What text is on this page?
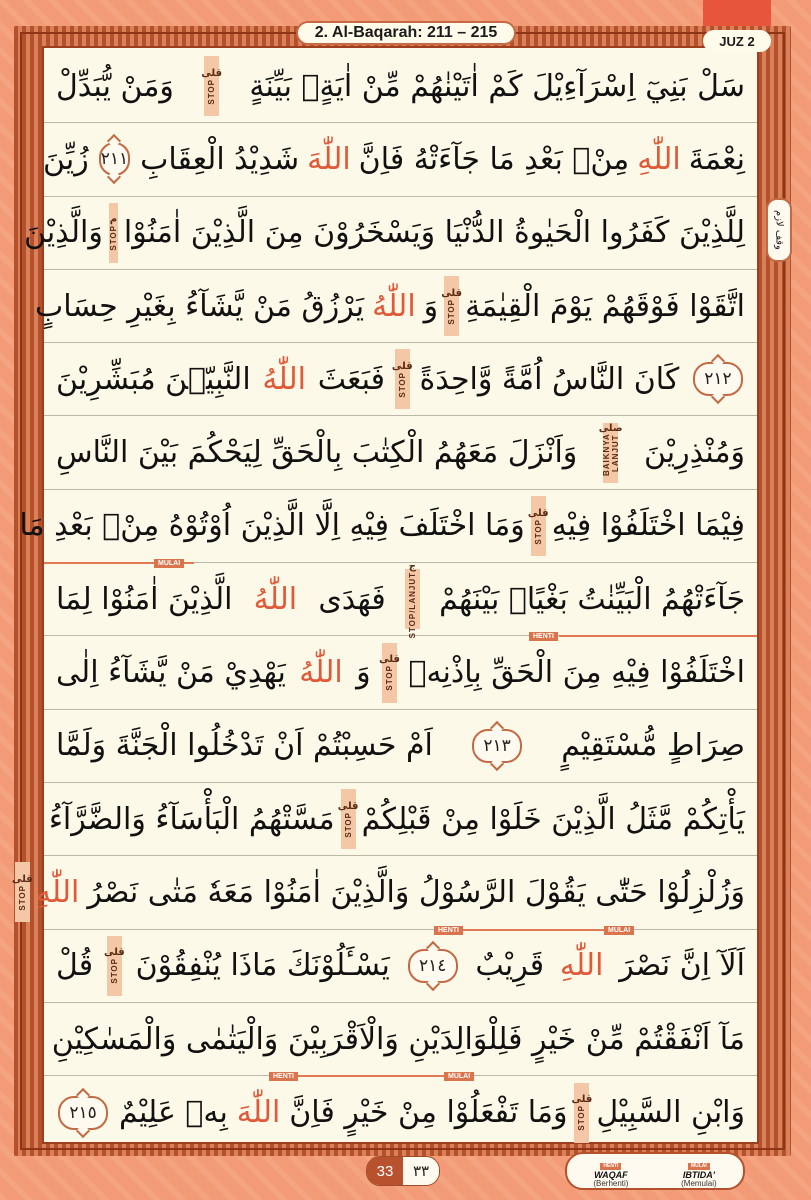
2. Al-Baqarah: 211 – 215	JUZ 2
وقف لازم
سَلْ بَنِيٓ اِسْرَآءِيْلَ كَمْ اٰتَيْنٰهُمْ مِّنْ اٰيَةٍۢ بَيِّنَةٍ
قلى
STOP
وَمَنْ يُّبَدِّلْ
نِعْمَةَ
اللّٰهِ
مِنْۢ بَعْدِ مَا جَآءَتْهُ فَاِنَّ
اللّٰهَ
شَدِيْدُ الْعِقَابِ
٢١١
زُيِّنَ
لِلَّذِيْنَ كَفَرُوا الْحَيٰوةُ الدُّنْيَا وَيَسْخَرُوْنَ مِنَ الَّذِيْنَ اٰمَنُوْا
م
STOP
وَالَّذِيْنَ
اتَّقَوْا فَوْقَهُمْ يَوْمَ الْقِيٰمَةِ
قلى
STOP
وَ
اللّٰهُ
يَرْزُقُ مَنْ يَّشَآءُ بِغَيْرِ حِسَابٍ
٢١٢
كَانَ النَّاسُ اُمَّةً وَّاحِدَةً
قلى
STOP
فَبَعَثَ
اللّٰهُ
النَّبِيّٖنَ مُبَشِّرِيْنَ
وَمُنْذِرِيْنَ
صلى
BAIKNYA LANJUT
وَاَنْزَلَ مَعَهُمُ الْكِتٰبَ بِالْحَقِّ لِيَحْكُمَ بَيْنَ النَّاسِ
فِيْمَا اخْتَلَفُوْا فِيْهِ
قلى
STOP
وَمَا اخْتَلَفَ فِيْهِ اِلَّا الَّذِيْنَ اُوْتُوْهُ مِنْۢ بَعْدِ مَا
MULAI
جَآءَتْهُمُ الْبَيِّنٰتُ بَغْيًاۢ بَيْنَهُمْ
ج
STOP/LANJUT
فَهَدَى
اللّٰهُ
الَّذِيْنَ اٰمَنُوْا لِمَا
HENTI
اخْتَلَفُوْا فِيْهِ مِنَ الْحَقِّ بِاِذْنِهٖ
قلى
STOP
وَ
اللّٰهُ
يَهْدِيْ مَنْ يَّشَآءُ اِلٰى
صِرَاطٍ مُّسْتَقِيْمٍ
٢١٣
اَمْ حَسِبْتُمْ اَنْ تَدْخُلُوا الْجَنَّةَ وَلَمَّا
يَأْتِكُمْ مَّثَلُ الَّذِيْنَ خَلَوْا مِنْ قَبْلِكُمْ
قلى
STOP
مَسَّتْهُمُ الْبَأْسَآءُ وَالضَّرَّآءُ
وَزُلْزِلُوْا حَتّٰى يَقُوْلَ الرَّسُوْلُ وَالَّذِيْنَ اٰمَنُوْا مَعَهٗ مَتٰى نَصْرُ
اللّٰهِ
قلى
STOP
HENTI	MULAI
اَلَآ اِنَّ نَصْرَ
اللّٰهِ
قَرِيْبٌ
٢١٤
يَسْـَٔلُوْنَكَ مَاذَا يُنْفِقُوْنَ
قلى
STOP
قُلْ
مَآ اَنْفَقْتُمْ مِّنْ خَيْرٍ فَلِلْوَالِدَيْنِ وَالْاَقْرَبِيْنَ وَالْيَتٰمٰى وَالْمَسٰكِيْنِ
HENTI	MULAI
وَابْنِ السَّبِيْلِ
قلى
STOP
وَمَا تَفْعَلُوْا مِنْ خَيْرٍ فَاِنَّ
اللّٰهَ
بِهٖ عَلِيْمٌ
٢١٥
33	٣٣	HENTI
WAQAF
(Berhenti)
MULAI
IBTIDA'
(Memulai)
